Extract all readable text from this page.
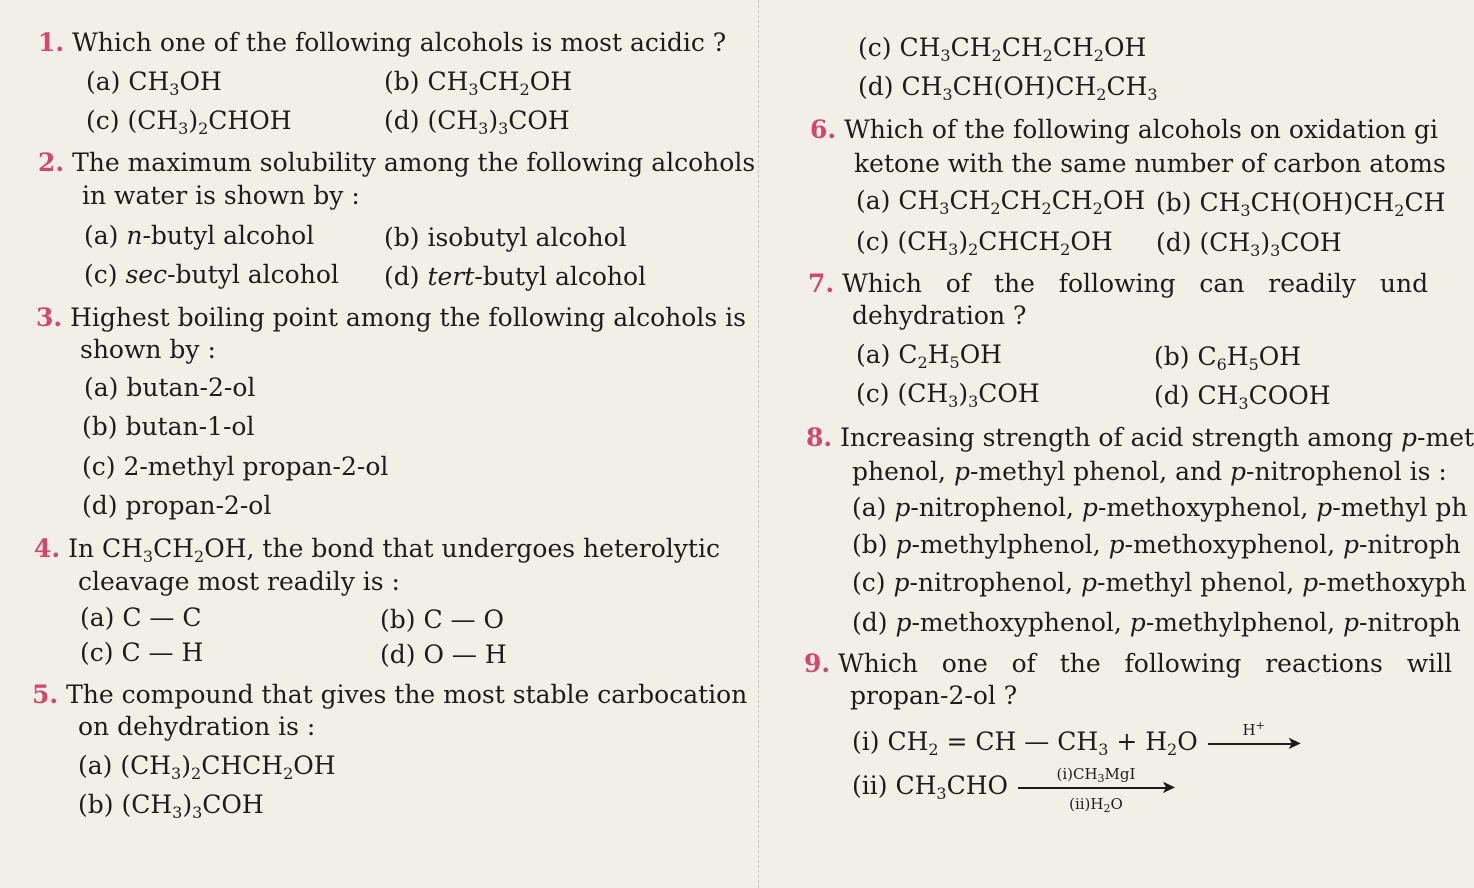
1. Which one of the following alcohols is most acidic ?
(a) $CH_3OH$	(b) $CH_3CH_2OH$
(c) $(CH_3)_2CHOH$	(d) $(CH_3)_3COH$
2. The maximum solubility among the following alcohols
in water is shown by :
(a) n-butyl alcohol	(b) isobutyl alcohol
(c) sec-butyl alcohol (d) tert-butyl alcohol
3. Highest boiling point among the following alcohols is
shown by :
(a) butan-2-ol
(b) butan-1-ol
(c) 2-methyl propan-2-ol
(d) propan-2-ol
4. In $CH_3CH_2OH$, the bond that undergoes heterolytic
cleavage most readily is :
(a) C — C	(b) C — O
(c) C — H	(d) O — H
5. The compound that gives the most stable carbocation
on dehydration is :
(a) $(CH_3)_2CHCH_2OH$
(b) $(CH_3)_3COH$
(c) $CH_3CH_2CH_2CH_2OH$
(d) $CH_3CH(OH)CH_2CH_3$
6. Which of the following alcohols on oxidation gi
ketone with the same number of carbon atoms
(a) $CH_3CH_2CH_2CH_2OH$ (b) $CH_3CH(OH)CH_2CH$
(c) $(CH_3)_2CHCH_2OH$ (d) $(CH_3)_3COH$
7. Which   of   the   following   can   readily   und
dehydration ?
(a) $C_2H_5OH$	(b) $C_6H_5OH$
(c) $(CH_3)_3COH$	(d) $CH_3COOH$
8. Increasing strength of acid strength among p-met
phenol, p-methyl phenol, and p-nitrophenol is :
(a) p-nitrophenol, p-methoxyphenol, p-methyl ph
(b) p-methylphenol, p-methoxyphenol, p-nitroph
(c) p-nitrophenol, p-methyl phenol, p-methoxyph
(d) p-methoxyphenol, p-methylphenol, p-nitroph
9. Which   one   of   the   following   reactions   will
propan-2-ol ?
(i) $CH_2$ = CH — $CH_3 + H_2O$	H+
➤
(ii) $CH_3CHO$	$(i)CH_3MgI$
➤
$(ii)H_2O$
